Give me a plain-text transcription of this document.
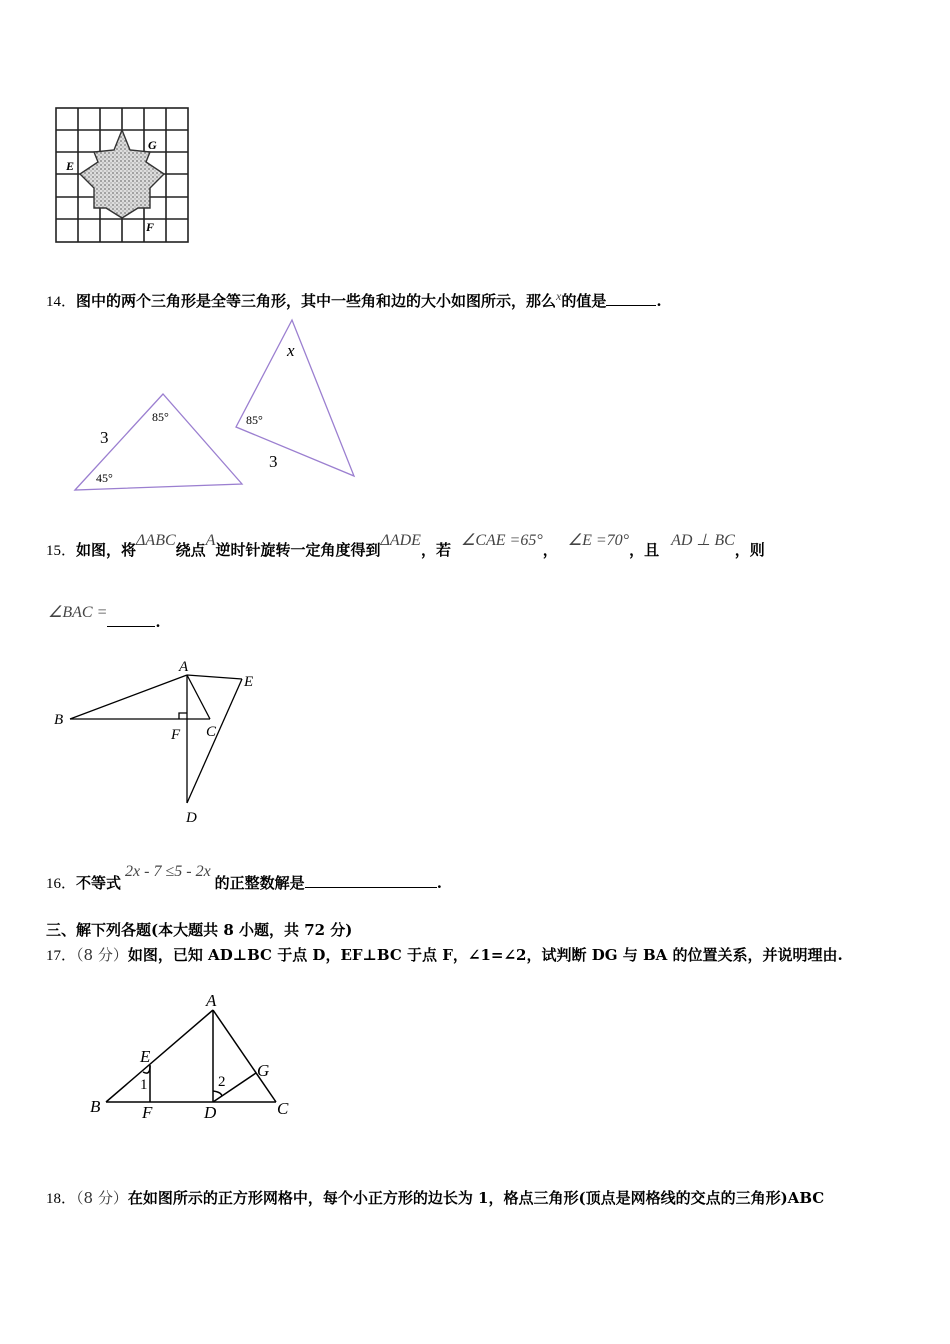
E
G
F
14．图中的两个三角形是全等三角形，其中一些角和边的大小如图所示，那么$^x$的值是	.
3
85°
45°
x
85°
3
15．如图，将ΔABC绕点A逆时针旋转一定角度得到ΔADE，若∠CAE =65°，∠E =70°，且AD ⊥ BC，则
∠BAC =.
A
B
C
D
E
F
16．不等式2x - 7 ≤5 - 2x的正整数解是	.
三、解下列各题(本大题共 8 小题，共 72 分)
17．（8 分）如图，已知 AD⊥BC 于点 D，EF⊥BC 于点 F，∠1=∠2，试判断 DG 与 BA 的位置关系，并说明理由.
A
B	C
D
E
F
G
1	2
18．（8 分）在如图所示的正方形网格中，每个小正方形的边长为 1，格点三角形(顶点是网格线的交点的三角形)ABC
